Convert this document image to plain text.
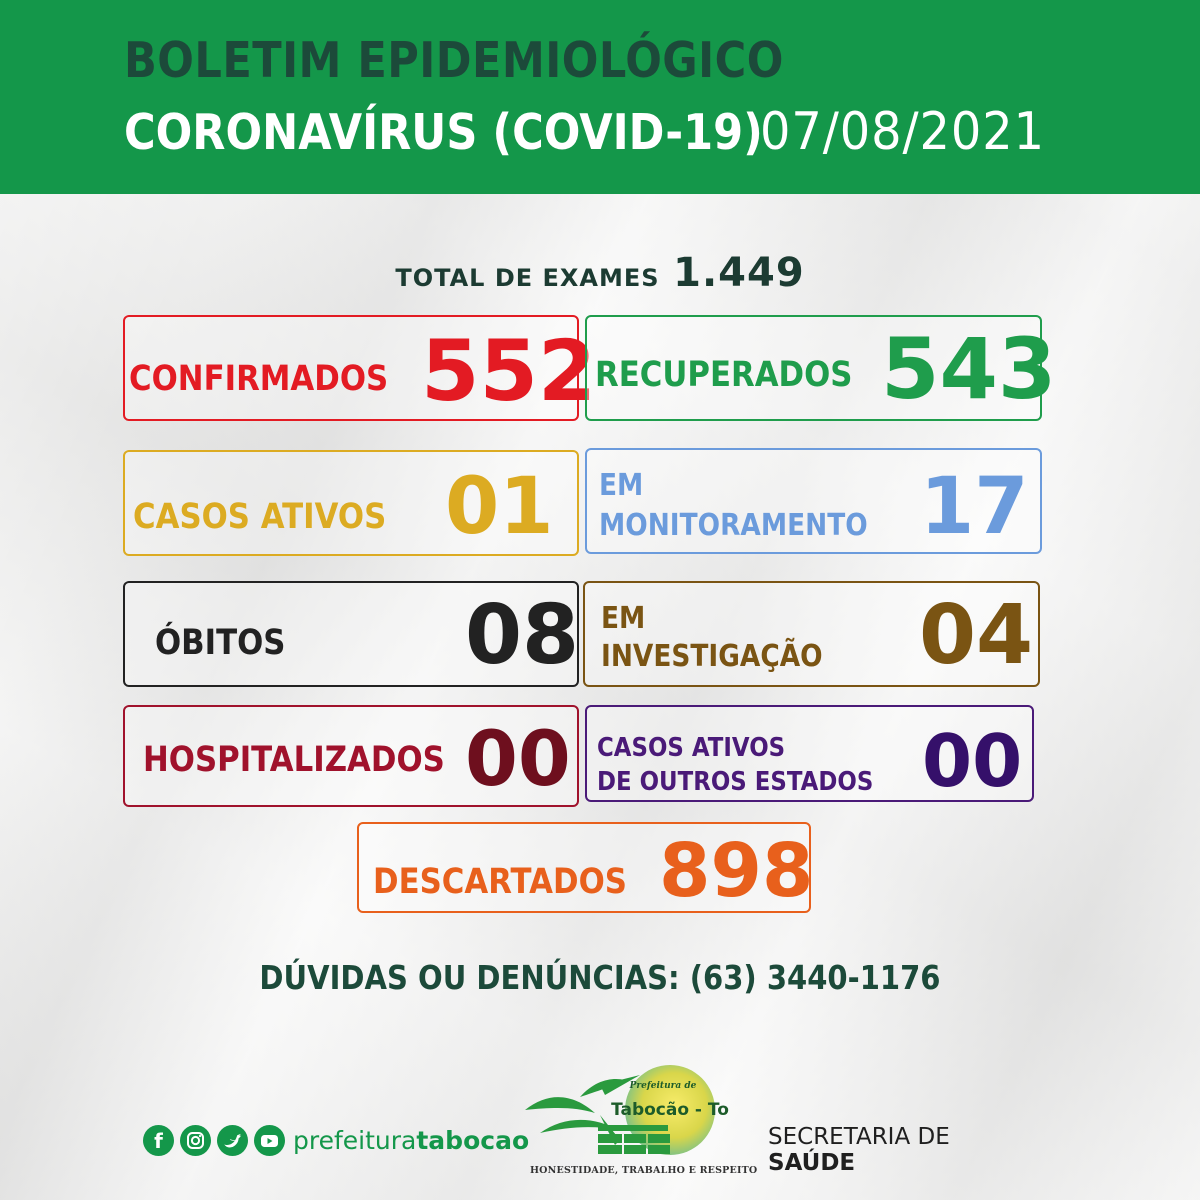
BOLETIM EPIDEMIOLÓGICO
CORONAVÍRUS (COVID-19)
07/08/2021
TOTAL DE EXAMES 1.449
CONFIRMADOS 552
RECUPERADOS 543
CASOS ATIVOS 01 EM
MONITORAMENTO 17
ÓBITOS 08 EM
INVESTIGAÇÃO 04
HOSPITALIZADOS 00 CASOS ATIVOS
DE OUTROS ESTADOS 00
DESCARTADOS 898
DÚVIDAS OU DENÚNCIAS: (63) 3440-1176
f	prefeituratabocao
Prefeitura de
Tabocão - To
HONESTIDADE, TRABALHO E RESPEITO
SECRETARIA DE
SAÚDE
